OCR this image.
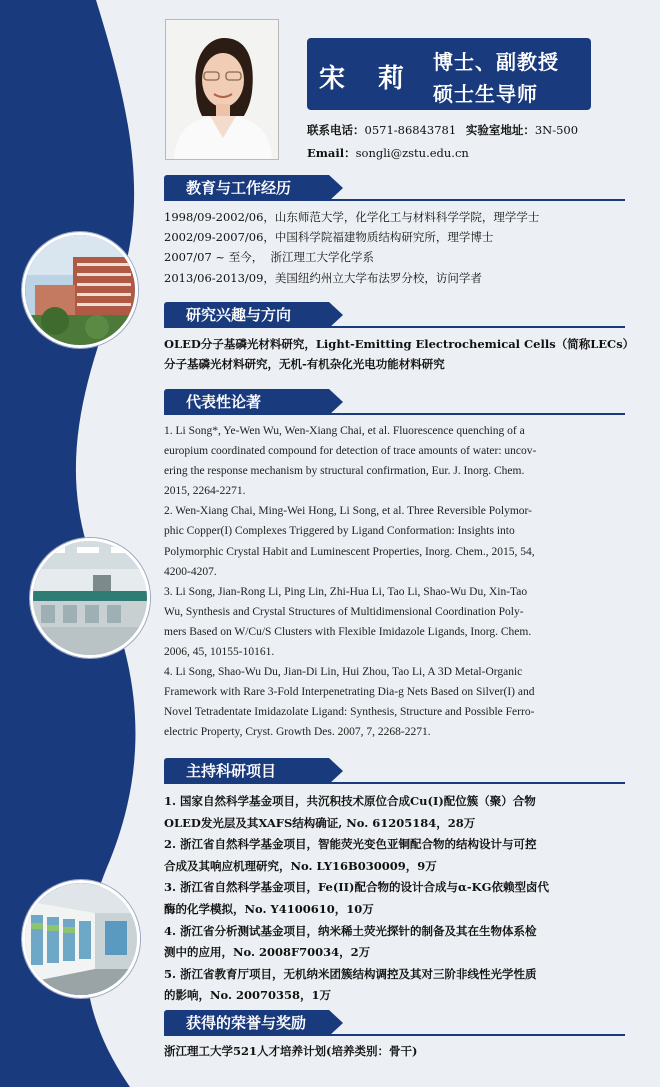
宋 莉
博士、副教授
硕士生导师
联系电话：0571-86843781 实验室地址：3N-500
Email：songli@zstu.edu.cn
教育与工作经历

1998/09-2002/06，山东师范大学，化学化工与材料科学学院，理学学士

2002/09-2007/06，中国科学院福建物质结构研究所，理学博士

2007/07 ~ 至今，  浙江理工大学化学系

2013/06-2013/09，美国纽约州立大学布法罗分校，访问学者

研究兴趣与方向

OLED分子基磷光材料研究，Light-Emitting Electrochemical Cells（简称LECs）

分子基磷光材料研究，无机-有机杂化光电功能材料研究

代表性论著

1. Li Song*, Ye-Wen Wu, Wen-Xiang Chai, et al. Fluorescence quenching of a

europium coordinated compound for detection of trace amounts of water: uncov-

ering the response mechanism by structural confirmation, Eur. J. Inorg. Chem.

2015, 2264-2271.

2. Wen-Xiang Chai, Ming-Wei Hong, Li Song, et al. Three Reversible Polymor-

phic Copper(I) Complexes Triggered by Ligand Conformation: Insights into

Polymorphic Crystal Habit and Luminescent Properties, Inorg. Chem., 2015, 54,

4200-4207.

3. Li Song, Jian-Rong Li, Ping Lin, Zhi-Hua Li, Tao Li, Shao-Wu Du, Xin-Tao

Wu, Synthesis and Crystal Structures of Multidimensional Coordination Poly-

mers Based on W/Cu/S Clusters with Flexible Imidazole Ligands, Inorg. Chem.

2006, 45, 10155-10161.

4. Li Song, Shao-Wu Du, Jian-Di Lin, Hui Zhou, Tao Li, A 3D Metal-Organic

Framework with Rare 3-Fold Interpenetrating Dia-g Nets Based on Silver(I) and

Novel Tetradentate Imidazolate Ligand: Synthesis, Structure and Possible Ferro-

electric Property, Cryst. Growth Des. 2007, 7, 2268-2271.

主持科研项目

1. 国家自然科学基金项目，共沉积技术原位合成Cu(I)配位簇（聚）合物

OLED发光层及其XAFS结构确证, No. 61205184，28万

2. 浙江省自然科学基金项目，智能荧光变色亚铜配合物的结构设计与可控

合成及其响应机理研究，No. LY16B030009，9万

3. 浙江省自然科学基金项目，Fe(II)配合物的设计合成与α-KG依赖型卤代

酶的化学模拟，No. Y4100610，10万

4. 浙江省分析测试基金项目，纳米稀土荧光探针的制备及其在生物体系检

测中的应用，No. 2008F70034，2万

5. 浙江省教育厅项目，无机纳米团簇结构调控及其对三阶非线性光学性质

的影响，No. 20070358，1万

获得的荣誉与奖励

浙江理工大学521人才培养计划(培养类别：骨干)
